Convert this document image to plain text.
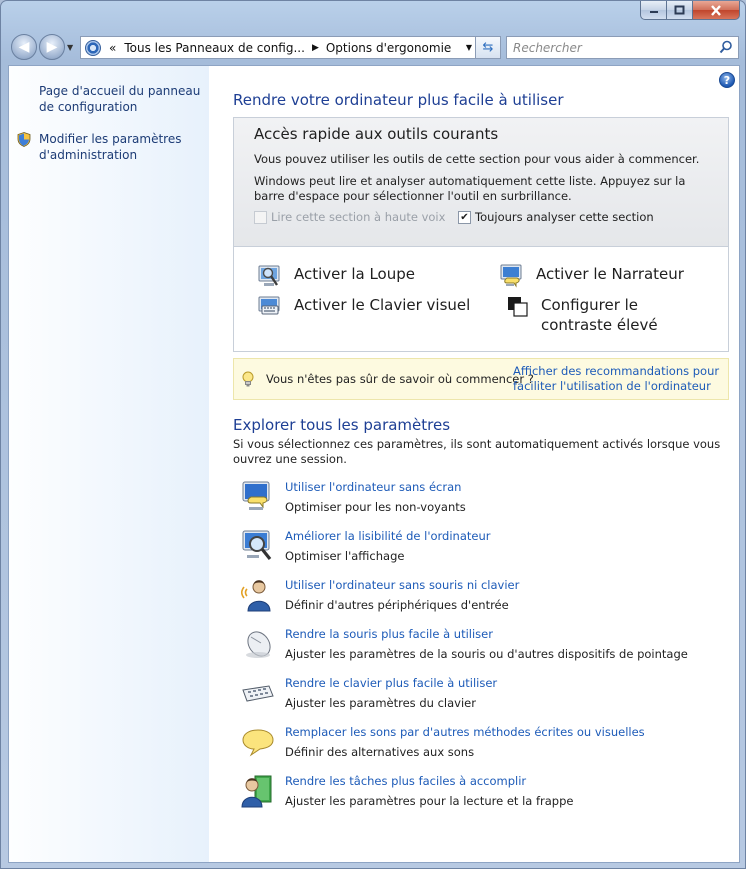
◀ ▶ ▼	« Tous les Panneaux de config... ▶ Options d'ergonomie	▼ ⇆ Rechercher
Page d'accueil du panneau de configuration
Modifier les paramètres d'administration
?
Rendre votre ordinateur plus facile à utiliser
Accès rapide aux outils courants
Vous pouvez utiliser les outils de cette section pour vous aider à commencer.
Windows peut lire et analyser automatiquement cette liste. Appuyez sur la barre d'espace pour sélectionner l'outil en surbrillance.
Lire cette section à haute voix ✔ Toujours analyser cette section
Activer la Loupe	Activer le Narrateur
Activer le Clavier visuel	Configurer le contraste élevé
Vous n'êtes pas sûr de savoir où commencer ?
Afficher des recommandations pour faciliter l'utilisation de l'ordinateur
Explorer tous les paramètres
Si vous sélectionnez ces paramètres, ils sont automatiquement activés lorsque vous ouvrez une session.
Utiliser l'ordinateur sans écran
Optimiser pour les non-voyants
Améliorer la lisibilité de l'ordinateur
Optimiser l'affichage
Utiliser l'ordinateur sans souris ni clavier
Définir d'autres périphériques d'entrée
Rendre la souris plus facile à utiliser
Ajuster les paramètres de la souris ou d'autres dispositifs de pointage
Rendre le clavier plus facile à utiliser
Ajuster les paramètres du clavier
Remplacer les sons par d'autres méthodes écrites ou visuelles
Définir des alternatives aux sons
Rendre les tâches plus faciles à accomplir
Ajuster les paramètres pour la lecture et la frappe
